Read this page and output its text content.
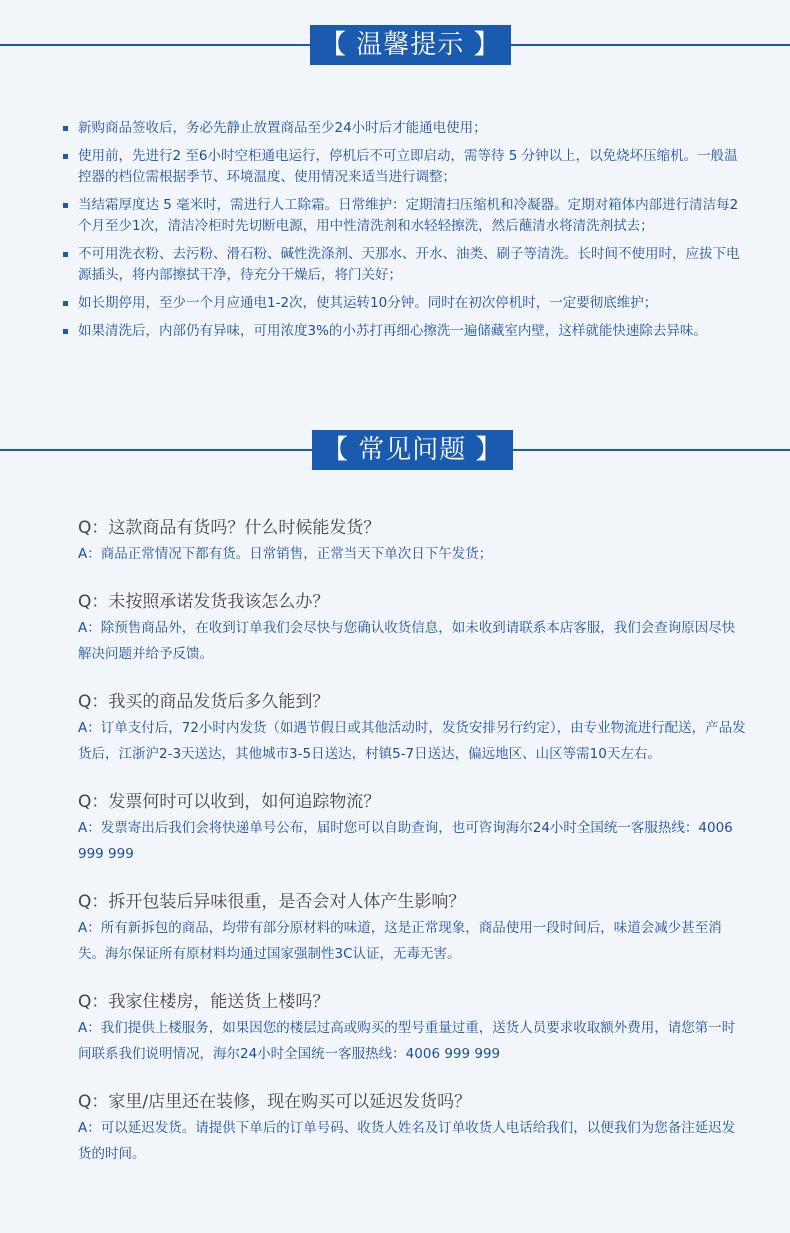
【 温馨提示 】
新购商品签收后，务必先静止放置商品至少24小时后才能通电使用；
使用前，先进行2 至6小时空柜通电运行，停机后不可立即启动，需等待 5 分钟以上，以免烧坏压缩机。一般温控器的档位需根据季节、环境温度、使用情况来适当进行调整；
当结霜厚度达 5 毫米时，需进行人工除霜。日常维护：定期清扫压缩机和冷凝器。定期对箱体内部进行清洁每2个月至少1次，清洁冷柜时先切断电源，用中性清洗剂和水轻轻擦洗，然后蘸清水将清洗剂拭去；
不可用洗衣粉、去污粉、滑石粉、碱性洗涤剂、天那水、开水、油类、刷子等清洗。长时间不使用时，应拔下电源插头，将内部擦拭干净，待充分干燥后，将门关好；
如长期停用，至少一个月应通电1-2次，使其运转10分钟。同时在初次停机时，一定要彻底维护；
如果清洗后，内部仍有异味，可用浓度3%的小苏打再细心擦洗一遍储藏室内壁，这样就能快速除去异味。
【 常见问题 】
Q：这款商品有货吗？什么时候能发货？
A：商品正常情况下都有货。日常销售，正常当天下单次日下午发货；
Q：未按照承诺发货我该怎么办？
A：除预售商品外，在收到订单我们会尽快与您确认收货信息，如未收到请联系本店客服，我们会查询原因尽快解决问题并给予反馈。
Q：我买的商品发货后多久能到？
A：订单支付后，72小时内发货（如遇节假日或其他活动时，发货安排另行约定），由专业物流进行配送，产品发货后，江浙沪2-3天送达，其他城市3-5日送达，村镇5-7日送达，偏远地区、山区等需10天左右。
Q：发票何时可以收到，如何追踪物流？
A：发票寄出后我们会将快递单号公布，届时您可以自助查询，也可咨询海尔24小时全国统一客服热线：4006 999 999
Q：拆开包装后异味很重，是否会对人体产生影响？
A：所有新拆包的商品，均带有部分原材料的味道，这是正常现象，商品使用一段时间后，味道会减少甚至消失。海尔保证所有原材料均通过国家强制性3C认证，无毒无害。
Q：我家住楼房，能送货上楼吗？
A：我们提供上楼服务，如果因您的楼层过高或购买的型号重量过重，送货人员要求收取额外费用，请您第一时间联系我们说明情况，海尔24小时全国统一客服热线：4006 999 999
Q：家里/店里还在装修，现在购买可以延迟发货吗？
A：可以延迟发货。请提供下单后的订单号码、收货人姓名及订单收货人电话给我们，以便我们为您备注延迟发货的时间。
